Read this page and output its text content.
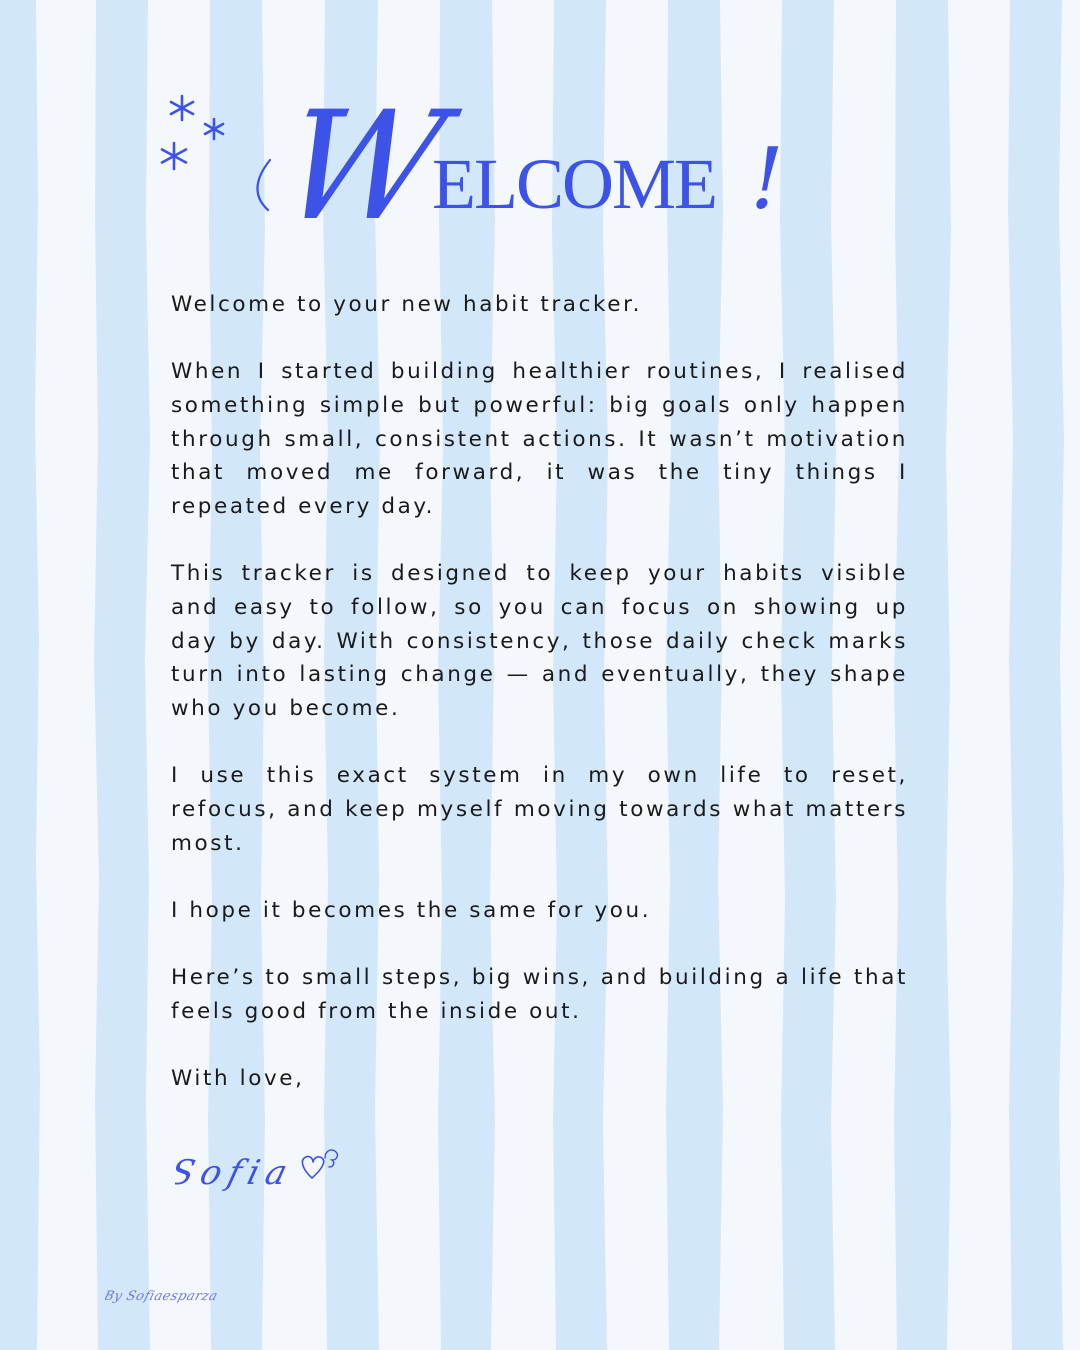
W
ELCOME !

Welcome to your new habit tracker.

When I started building healthier routines, I realised something simple but powerful: big goals only happen through small, consistent actions. It wasn’t motivation that moved me forward, it was the tiny things I repeated every day.

This tracker is designed to keep your habits visible and easy to follow, so you can focus on showing up day by day. With consistency, those daily check marks turn into lasting change — and eventually, they shape who you become.

I use this exact system in my own life to reset, refocus, and keep myself moving towards what matters most.

I hope it becomes the same for you.

Here’s to small steps, big wins, and building a life that feels good from the inside out.

With love,

Sofia
By Sofiaesparza
